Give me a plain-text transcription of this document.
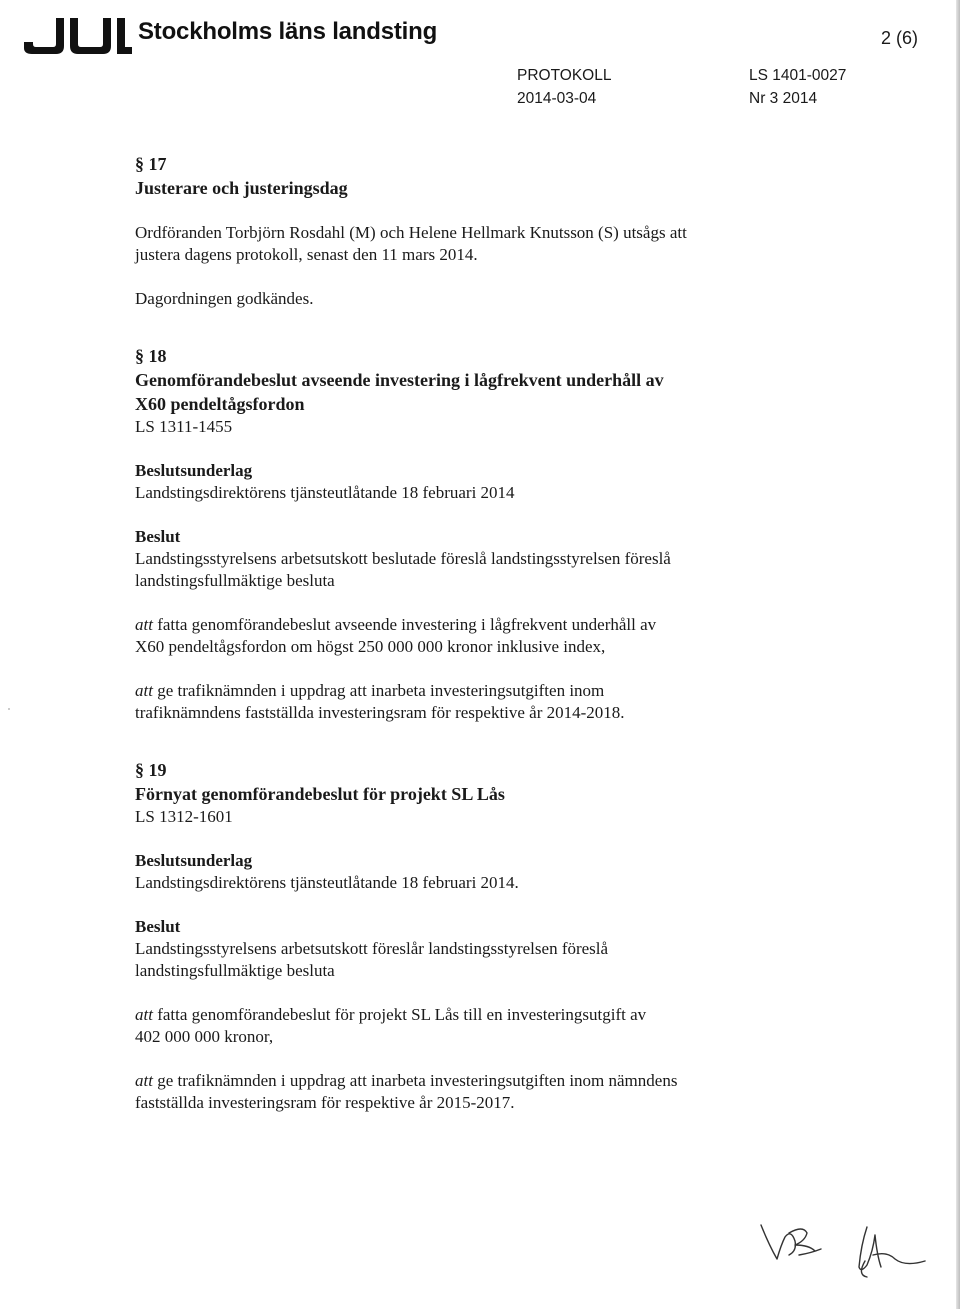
Stockholms läns landsting	2 (6)
PROTOKOLL
2014-03-04
LS 1401-0027
Nr 3 2014
§ 17
Justerare och justeringsdag

Ordföranden Torbjörn Rosdahl (M) och Helene Hellmark Knutsson (S) utsågs att

justera dagens protokoll, senast den 11 mars 2014.

Dagordningen godkändes.

§ 18
Genomförandebeslut avseende investering i lågfrekvent underhåll av
X60 pendeltågsfordon

LS 1311-1455

Beslutsunderlag

Landstingsdirektörens tjänsteutlåtande 18 februari 2014

Beslut

Landstingsstyrelsens arbetsutskott beslutade föreslå landstingsstyrelsen föreslå

landstingsfullmäktige besluta

att fatta genomförandebeslut avseende investering i lågfrekvent underhåll av

X60 pendeltågsfordon om högst 250 000 000 kronor inklusive index,

att ge trafiknämnden i uppdrag att inarbeta investeringsutgiften inom

trafiknämndens fastställda investeringsram för respektive år 2014-2018.

§ 19
Förnyat genomförandebeslut för projekt SL Lås

LS 1312-1601

Beslutsunderlag

Landstingsdirektörens tjänsteutlåtande 18 februari 2014.

Beslut

Landstingsstyrelsens arbetsutskott föreslår landstingsstyrelsen föreslå

landstingsfullmäktige besluta

att fatta genomförandebeslut för projekt SL Lås till en investeringsutgift av

402 000 000 kronor,

att ge trafiknämnden i uppdrag att inarbeta investeringsutgiften inom nämndens

fastställda investeringsram för respektive år 2015-2017.
